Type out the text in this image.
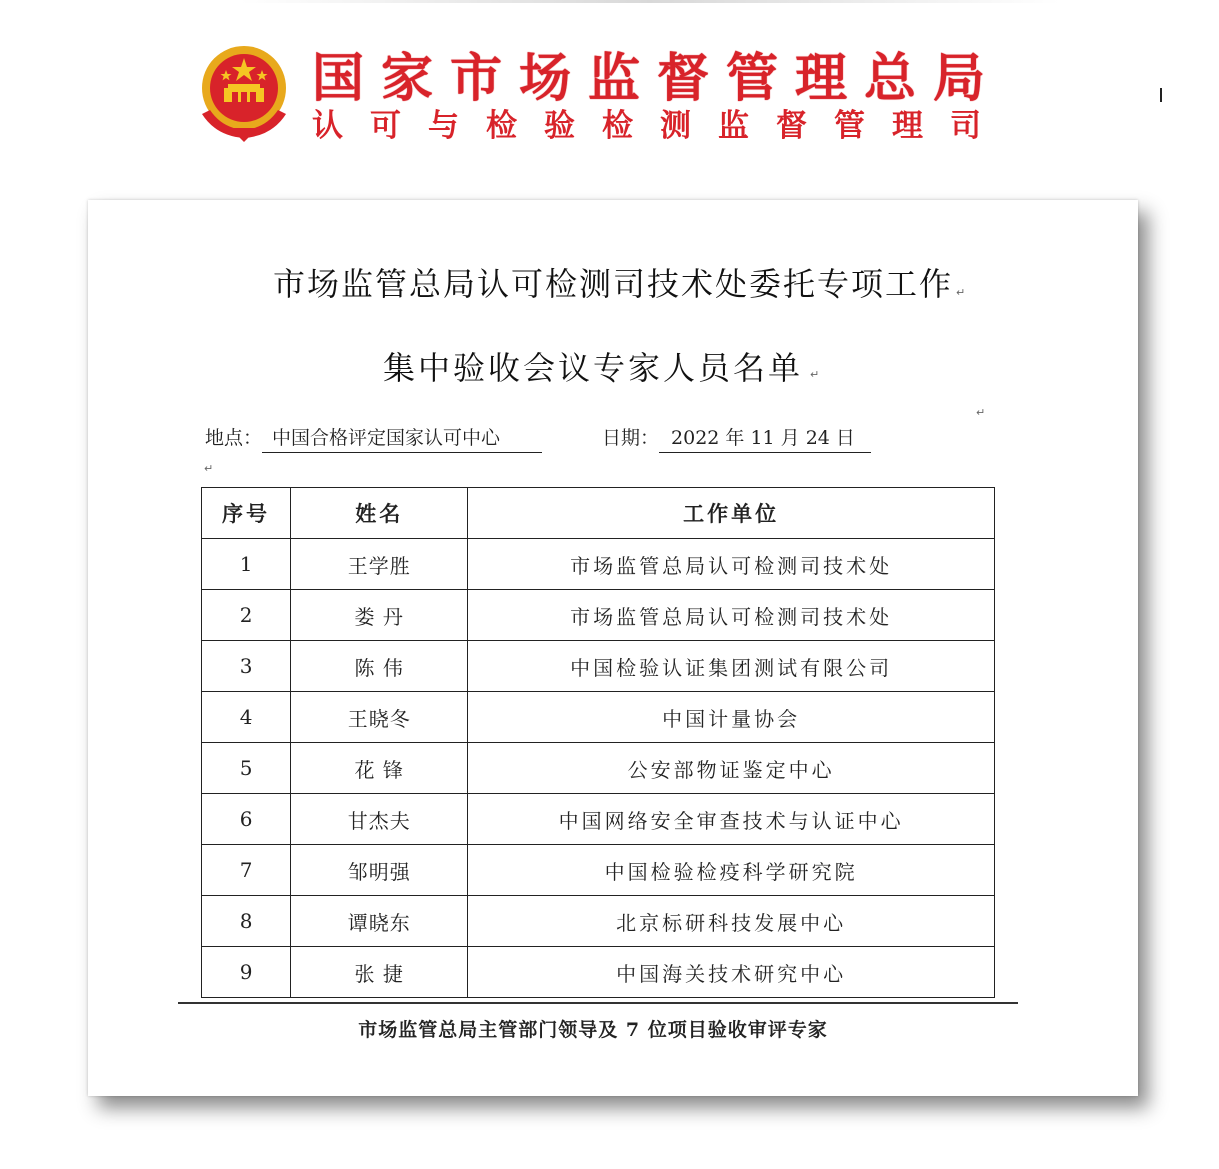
国家市场监督管理总局
认可与检验检测监督管理司
市场监管总局认可检测司技术处委托专项工作
集中验收会议专家人员名单
↵
↵
↵
↵
地点： 中国合格评定国家认可中心	日期： 2022 年 11 月 24 日
序号	姓名	工作单位
1	王学胜	市场监管总局认可检测司技术处
2	娄 丹	市场监管总局认可检测司技术处
3	陈 伟	中国检验认证集团测试有限公司
4	王晓冬	中国计量协会
5	花 锋	公安部物证鉴定中心
6	甘杰夫	中国网络安全审查技术与认证中心
7	邹明强	中国检验检疫科学研究院
8	谭晓东	北京标研科技发展中心
9	张 捷	中国海关技术研究中心
市场监管总局主管部门领导及 7 位项目验收审评专家
